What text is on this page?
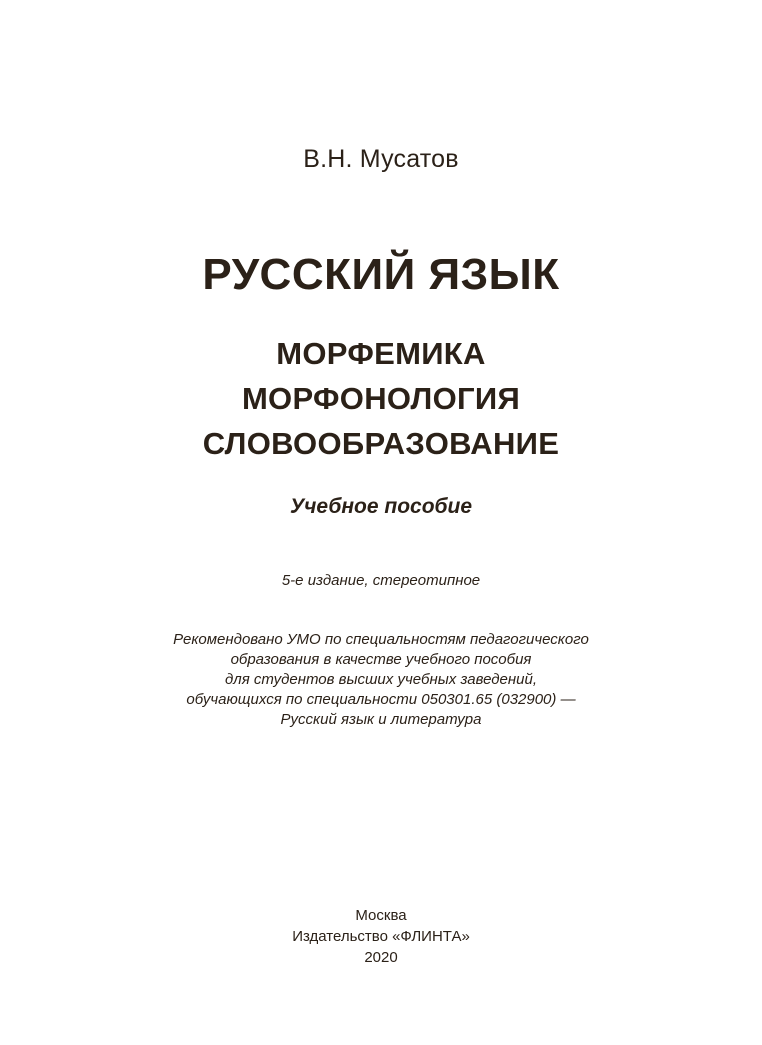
В.Н. Мусатов
РУССКИЙ ЯЗЫК
МОРФЕМИКА
МОРФОНОЛОГИЯ
СЛОВООБРАЗОВАНИЕ
Учебное пособие
5-е издание, стереотипное
Рекомендовано УМО по специальностям педагогического
образования в качестве учебного пособия
для студентов высших учебных заведений,
обучающихся по специальности 050301.65 (032900) —
Русский язык и литература
Москва
Издательство «ФЛИНТА»
2020
